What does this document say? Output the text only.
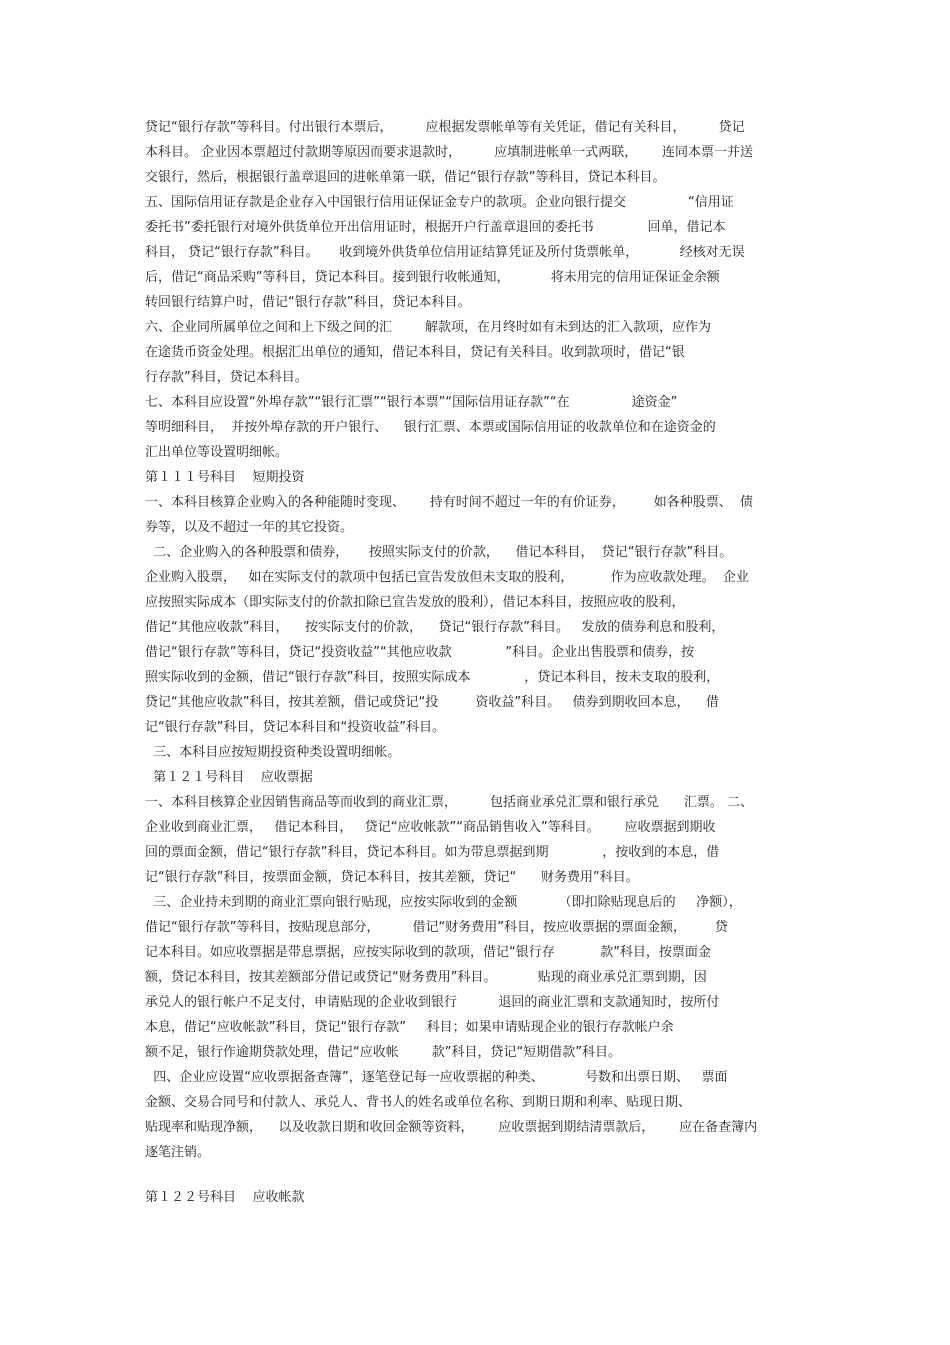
贷记“银行存款”等科目。付出银行本票后，        应根据发票帐单等有关凭证，借记有关科目，        贷记
本科目。 企业因本票超过付款期等原因而要求退款时，        应填制进帐单一式两联，      连同本票一并送
交银行，然后，根据银行盖章退回的进帐单第一联，借记“银行存款”等科目，贷记本科目。
五、国际信用证存款是企业存入中国银行信用证保证金专户的款项。企业向银行提交               “信用证
委托书”委托银行对境外供货单位开出信用证时，根据开户行盖章退回的委托书             回单，借记本
科目， 贷记“银行存款”科目。     收到境外供货单位信用证结算凭证及所付货票帐单，          经核对无误
后，借记“商品采购”等科目，贷记本科目。接到银行收帐通知，          将未用完的信用证保证金余额
转回银行结算户时，借记“银行存款”科目，贷记本科目。
六、企业同所属单位之间和上下级之间的汇        解款项，在月终时如有未到达的汇入款项，应作为
在途货币资金处理。根据汇出单位的通知，借记本科目，贷记有关科目。收到款项时，借记“银
行存款”科目，贷记本科目。
七、本科目应设置“外埠存款”“银行汇票”“银行本票”“国际信用证存款”“在               途资金”
等明细科目，  并按外埠存款的开户银行、    银行汇票、本票或国际信用证的收款单位和在途资金的
汇出单位等设置明细帐。
第１１１号科目    短期投资
一、本科目核算企业购入的各种能随时变现、      持有时间不超过一年的有价证券，       如各种股票、  债
券等，以及不超过一年的其它投资。
二、企业购入的各种股票和债券，     按照实际支付的价款，    借记本科目，  贷记“银行存款”科目。
企业购入股票，   如在实际支付的款项中包括已宣告发放但未支取的股利，         作为应收款处理。  企业
应按照实际成本（即实际支付的价款扣除已宣告发放的股利），借记本科目，按照应收的股利，
借记“其他应收款”科目，    按实际支付的价款，    贷记“银行存款”科目。   发放的债券利息和股利，
借记“银行存款”等科目，贷记“投资收益”“其他应收款             ”科目。企业出售股票和债券，按
照实际收到的金额，借记“银行存款”科目，按照实际成本             ，贷记本科目，按未支取的股利，
贷记“其他应收款”科目，按其差额，借记或贷记“投         资收益”科目。   债券到期收回本息，    借
记“银行存款”科目，贷记本科目和“投资收益”科目。
三、本科目应按短期投资种类设置明细帐。
第１２１号科目    应收票据
一、本科目核算企业因销售商品等而收到的商业汇票，        包括商业承兑汇票和银行承兑      汇票。 二、
企业收到商业汇票，   借记本科目，   贷记“应收帐款”“商品销售收入”等科目。      应收票据到期收
回的票面金额，借记“银行存款”科目，贷记本科目。如为带息票据到期             ，按收到的本息，借
记“银行存款”科目，按票面金额，贷记本科目，按其差额，贷记“      财务费用”科目。
三、企业持未到期的商业汇票向银行贴现，应按实际收到的金额          （即扣除贴现息后的     净额），
借记“银行存款”等科目，按贴现息部分，        借记“财务费用”科目，按应收票据的票面金额，       贷
记本科目。如应收票据是带息票据，应按实际收到的款项，借记“银行存           款”科目，按票面金
额，贷记本科目，按其差额部分借记或贷记“财务费用”科目。          贴现的商业承兑汇票到期，因
承兑人的银行帐户不足支付，申请贴现的企业收到银行          退回的商业汇票和支款通知时，按所付
本息，借记“应收帐款”科目，贷记“银行存款”     科目；如果申请贴现企业的银行存款帐户余
额不足，银行作逾期贷款处理，借记“应收帐        款”科目，贷记“短期借款”科目。
四、企业应设置“应收票据备查簿”，逐笔登记每一应收票据的种类、          号数和出票日期、   票面
金额、交易合同号和付款人、承兑人、背书人的姓名或单位名称、到期日期和利率、贴现日期、
贴现率和贴现净额，    以及收款日期和收回金额等资料，      应收票据到期结清票款后，      应在备查簿内
逐笔注销。
第１２２号科目    应收帐款
